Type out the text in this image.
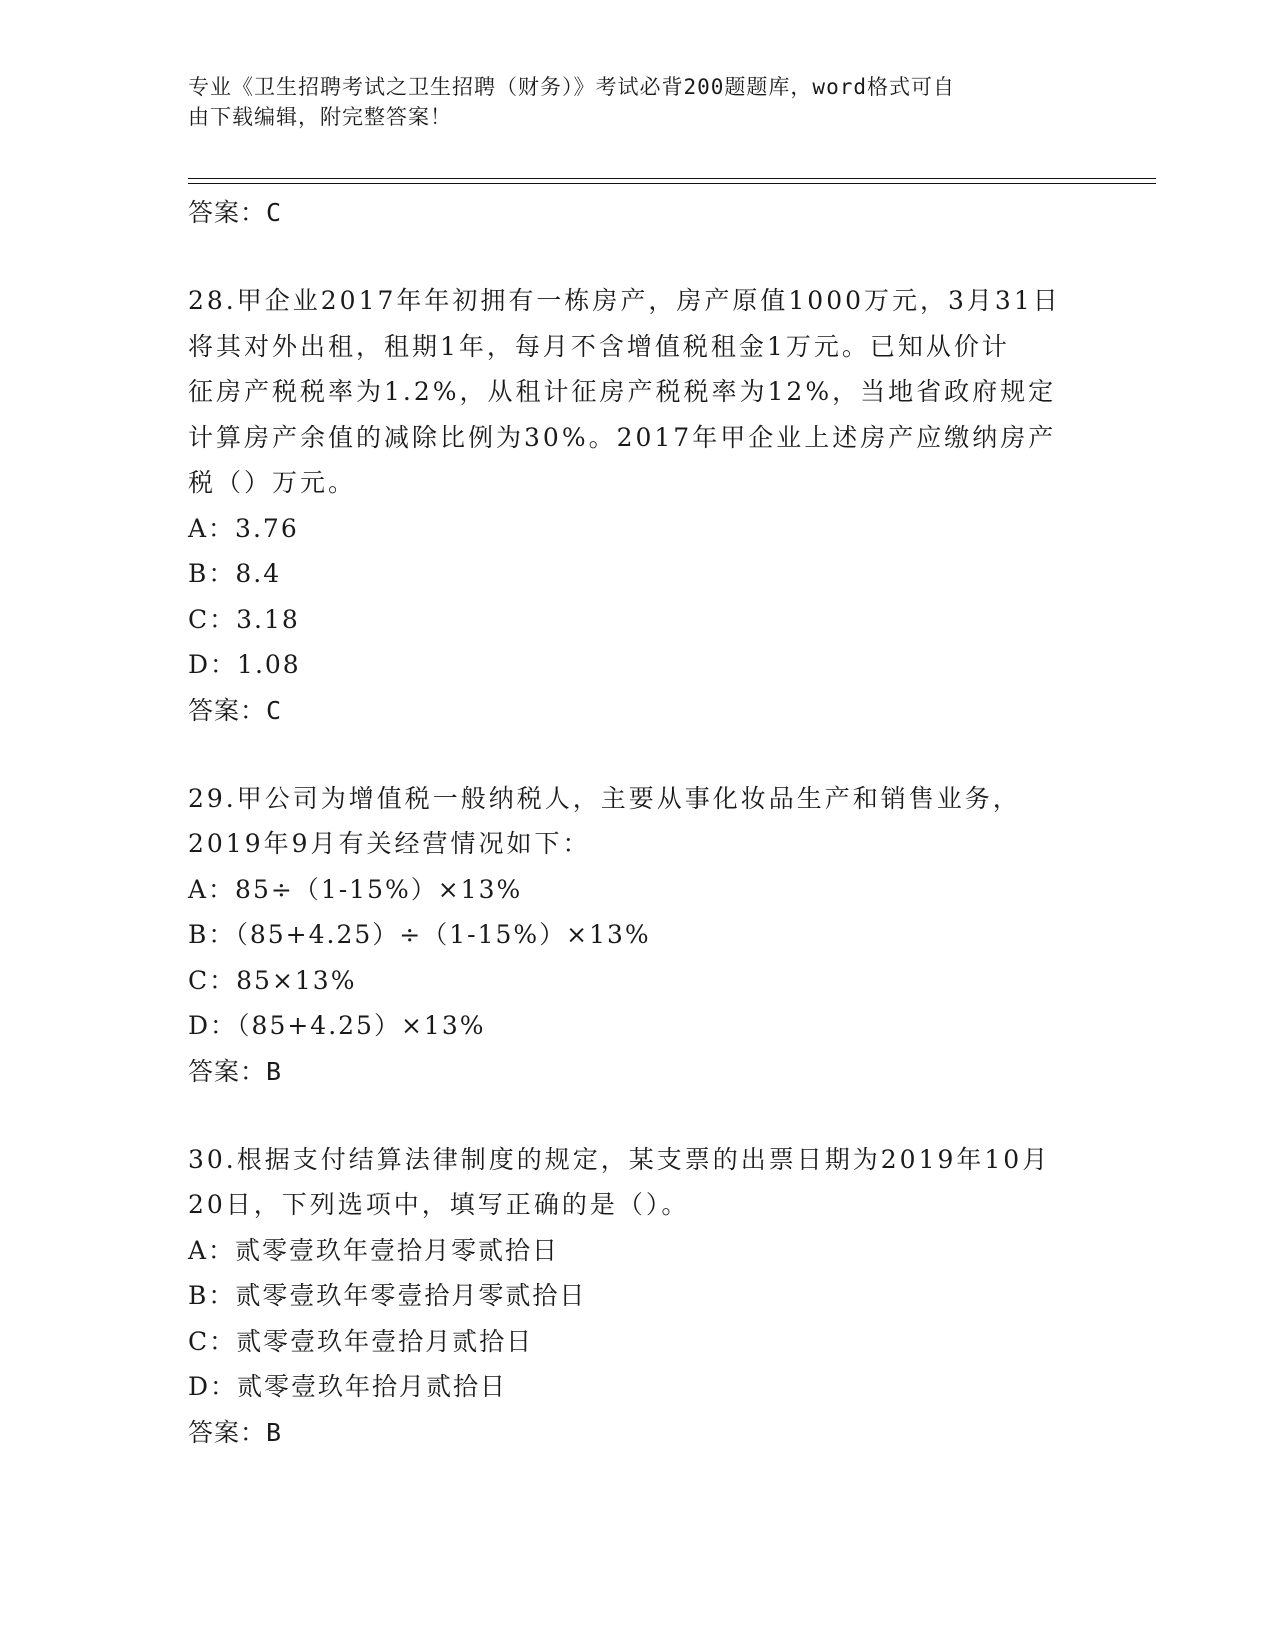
专业《卫生招聘考试之卫生招聘（财务）》考试必背200题题库，word格式可自
由下载编辑，附完整答案！
答案：C
28.甲企业2017年年初拥有一栋房产，房产原值1000万元，3月31日
将其对外出租，租期1年，每月不含增值税租金1万元。已知从价计
征房产税税率为1.2%，从租计征房产税税率为12%，当地省政府规定
计算房产余值的减除比例为30%。2017年甲企业上述房产应缴纳房产
税（）万元。
A：3.76
B：8.4
C：3.18
D：1.08
答案：C
29.甲公司为增值税一般纳税人，主要从事化妆品生产和销售业务，
2019年9月有关经营情况如下：
A：85÷（1-15%）×13%
B：（85+4.25）÷（1-15%）×13%
C：85×13%
D：（85+4.25）×13%
答案：B
30.根据支付结算法律制度的规定，某支票的出票日期为2019年10月
20日，下列选项中，填写正确的是（）。
A：贰零壹玖年壹拾月零贰拾日
B：贰零壹玖年零壹拾月零贰拾日
C：贰零壹玖年壹拾月贰拾日
D：贰零壹玖年拾月贰拾日
答案：B
